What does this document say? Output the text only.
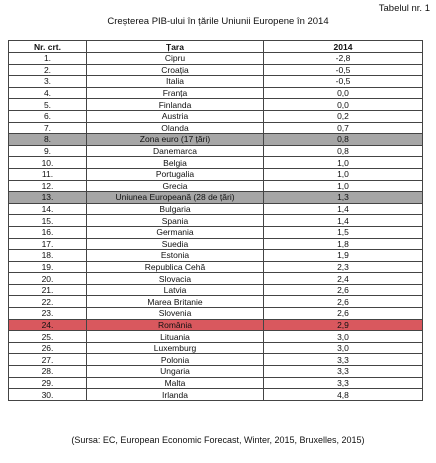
Tabelul nr. 1
Creșterea PIB-ului în țările Uniunii Europene în 2014
Nr. crt.	Țara	2014
1.	Cipru	-2,8
2.	Croația	-0,5
3.	Italia	-0,5
4.	Franța	0,0
5.	Finlanda	0,0
6.	Austria	0,2
7.	Olanda	0,7
8.	Zona euro (17 țări)	0,8
9.	Danemarca	0,8
10.	Belgia	1,0
11.	Portugalia	1,0
12.	Grecia	1,0
13.	Uniunea Europeană (28 de țări)	1,3
14.	Bulgaria	1,4
15.	Spania	1,4
16.	Germania	1,5
17.	Suedia	1,8
18.	Estonia	1,9
19.	Republica Cehă	2,3
20.	Slovacia	2,4
21.	Latvia	2,6
22.	Marea Britanie	2,6
23.	Slovenia	2,6
24.	România	2,9
25.	Lituania	3,0
26.	Luxemburg	3,0
27.	Polonia	3,3
28.	Ungaria	3,3
29.	Malta	3,3
30.	Irlanda	4,8
(Sursa: EC, European Economic Forecast, Winter, 2015, Bruxelles, 2015)
